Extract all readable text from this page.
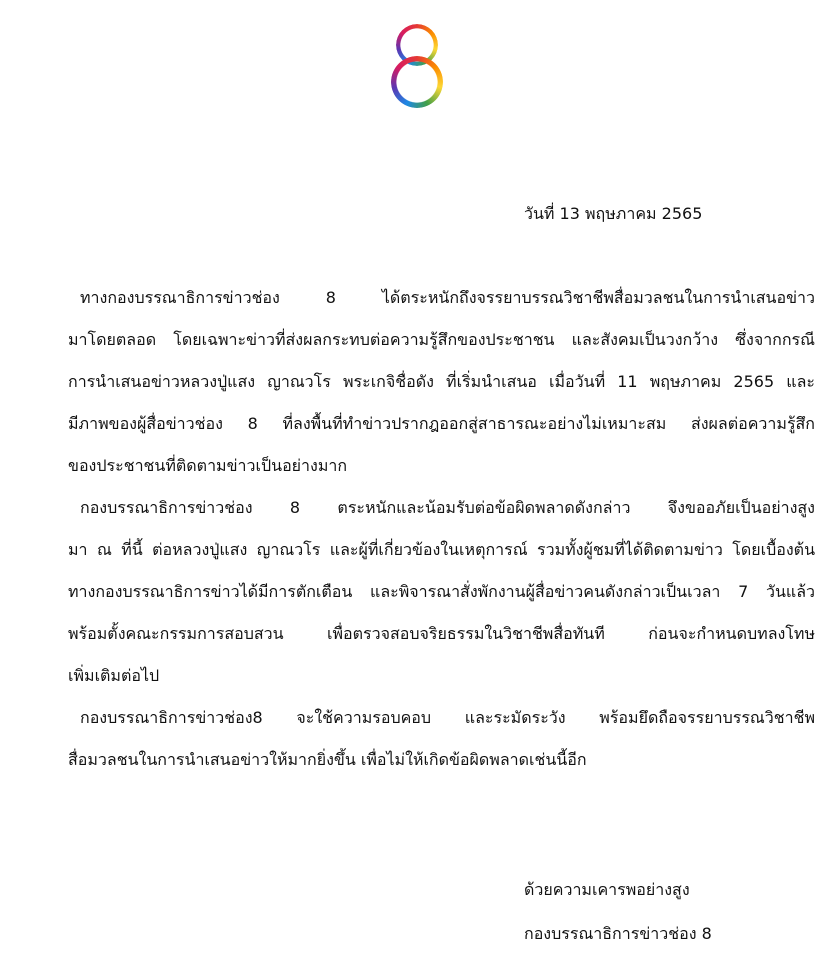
วันที่ 13 พฤษภาคม 2565
ทางกองบรรณาธิการข่าวช่อง 8 ได้ตระหนักถึงจรรยาบรรณวิชาชีพสื่อมวลชนในการนำเสนอข่าว
มาโดยตลอด โดยเฉพาะข่าวที่ส่งผลกระทบต่อความรู้สึกของประชาชน และสังคมเป็นวงกว้าง ซึ่งจากกรณี
การนำเสนอข่าวหลวงปู่แสง ญาณวโร พระเกจิชื่อดัง ที่เริ่มนำเสนอ เมื่อวันที่ 11 พฤษภาคม 2565 และ
มีภาพของผู้สื่อข่าวช่อง 8 ที่ลงพื้นที่ทำข่าวปรากฎออกสู่สาธารณะอย่างไม่เหมาะสม ส่งผลต่อความรู้สึก
ของประชาชนที่ติดตามข่าวเป็นอย่างมาก
กองบรรณาธิการข่าวช่อง 8 ตระหนักและน้อมรับต่อข้อผิดพลาดดังกล่าว จึงขออภัยเป็นอย่างสูง
มา ณ ที่นี้ ต่อหลวงปู่แสง ญาณวโร และผู้ที่เกี่ยวข้องในเหตุการณ์ รวมทั้งผู้ชมที่ได้ติดตามข่าว โดยเบื้องต้น
ทางกองบรรณาธิการข่าวได้มีการตักเตือน และพิจารณาสั่งพักงานผู้สื่อข่าวคนดังกล่าวเป็นเวลา 7 วันแล้ว
พร้อมตั้งคณะกรรมการสอบสวน เพื่อตรวจสอบจริยธรรมในวิชาชีพสื่อทันที ก่อนจะกำหนดบทลงโทษ
เพิ่มเติมต่อไป
กองบรรณาธิการข่าวช่อง8 จะใช้ความรอบคอบ และระมัดระวัง พร้อมยึดถือจรรยาบรรณวิชาชีพ
สื่อมวลชนในการนำเสนอข่าวให้มากยิ่งขึ้น เพื่อไม่ให้เกิดข้อผิดพลาดเช่นนี้อีก
ด้วยความเคารพอย่างสูง
กองบรรณาธิการข่าวช่อง 8
